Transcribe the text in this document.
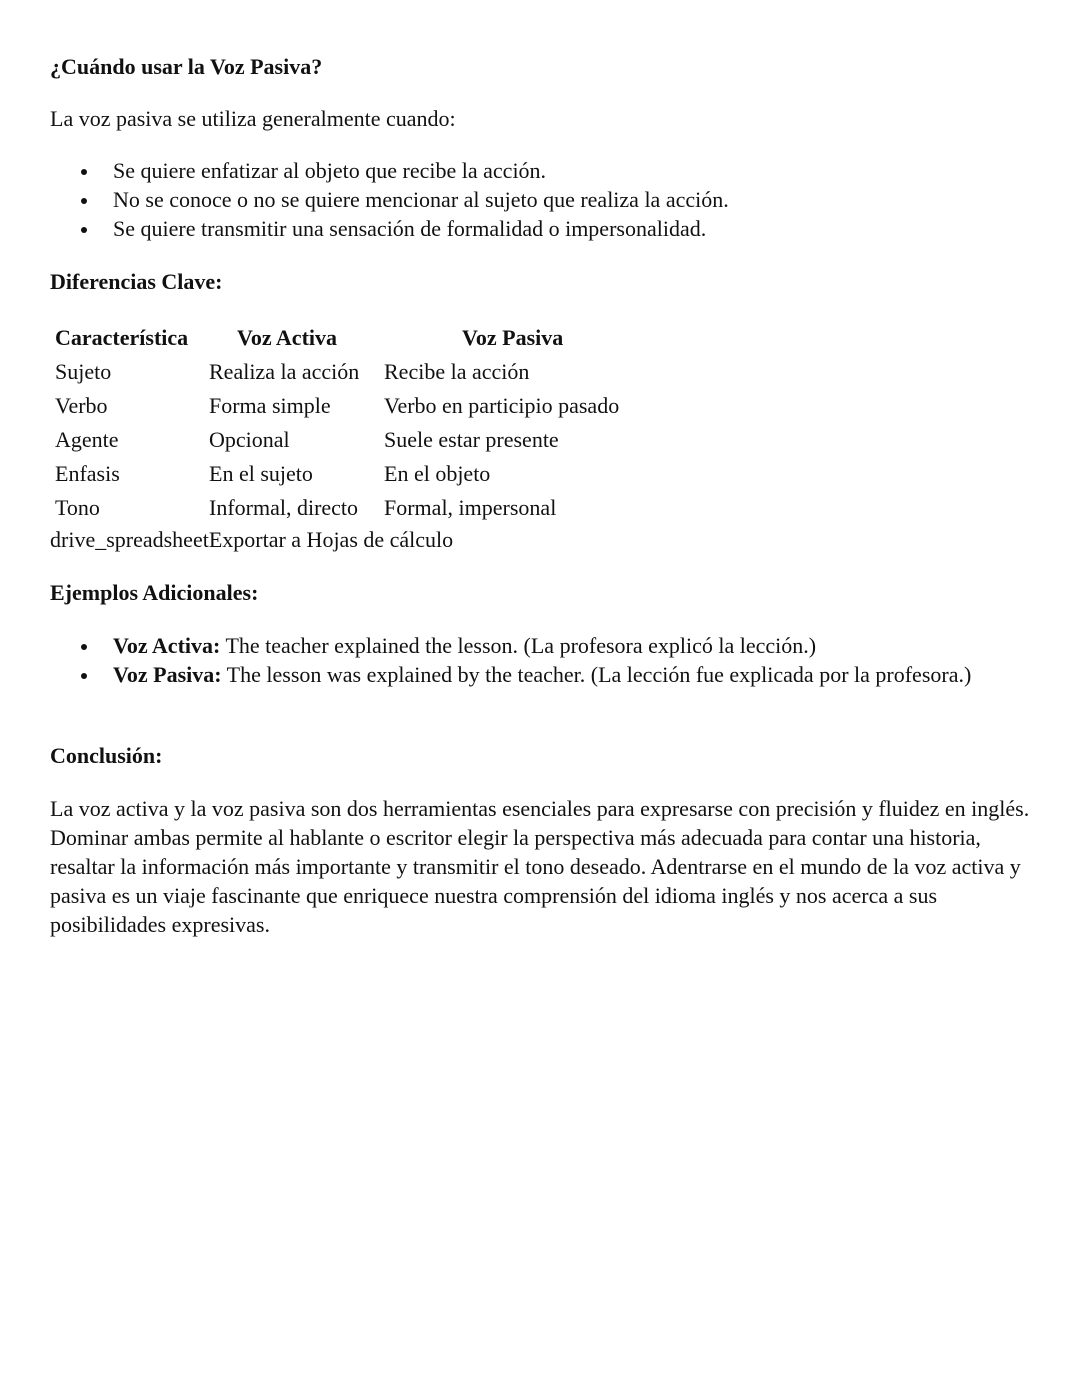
¿Cuándo usar la Voz Pasiva?

La voz pasiva se utiliza generalmente cuando:

Se quiere enfatizar al objeto que recibe la acción.
No se conoce o no se quiere mencionar al sujeto que realiza la acción.
Se quiere transmitir una sensación de formalidad o impersonalidad.

Diferencias Clave:

Característica	Voz Activa	Voz Pasiva
Sujeto	Realiza la acción	Recibe la acción
Verbo	Forma simple	Verbo en participio pasado
Agente	Opcional	Suele estar presente
Enfasis	En el sujeto	En el objeto
Tono	Informal, directo	Formal, impersonal

drive_spreadsheetExportar a Hojas de cálculo

Ejemplos Adicionales:

Voz Activa: The teacher explained the lesson. (La profesora explicó la lección.)
Voz Pasiva: The lesson was explained by the teacher. (La lección fue explicada por la profesora.)

Conclusión:

La voz activa y la voz pasiva son dos herramientas esenciales para expresarse con precisión y fluidez en inglés. Dominar ambas permite al hablante o escritor elegir la perspectiva más adecuada para contar una historia, resaltar la información más importante y transmitir el tono deseado. Adentrarse en el mundo de la voz activa y pasiva es un viaje fascinante que enriquece nuestra comprensión del idioma inglés y nos acerca a sus posibilidades expresivas.
